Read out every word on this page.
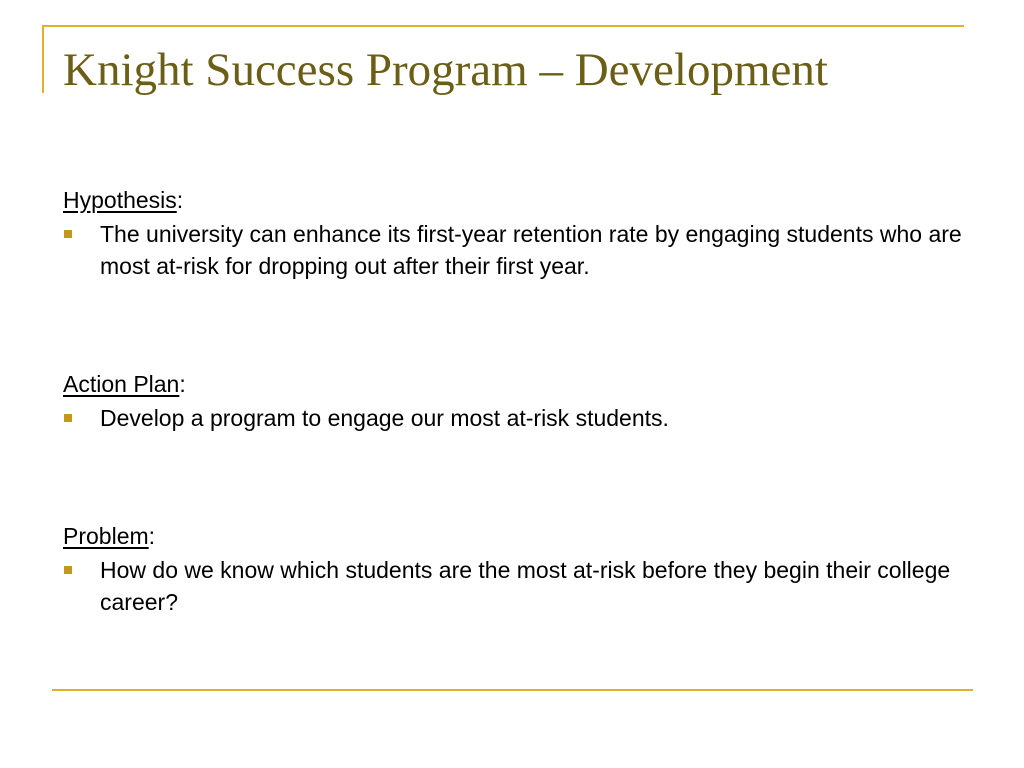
Knight Success Program – Development

Hypothesis:

The university can enhance its first-year retention rate by engaging students who are most at-risk for dropping out after their first year.

Action Plan:

Develop a program to engage our most at-risk students.

Problem:

How do we know which students are the most at-risk before they begin their college career?
